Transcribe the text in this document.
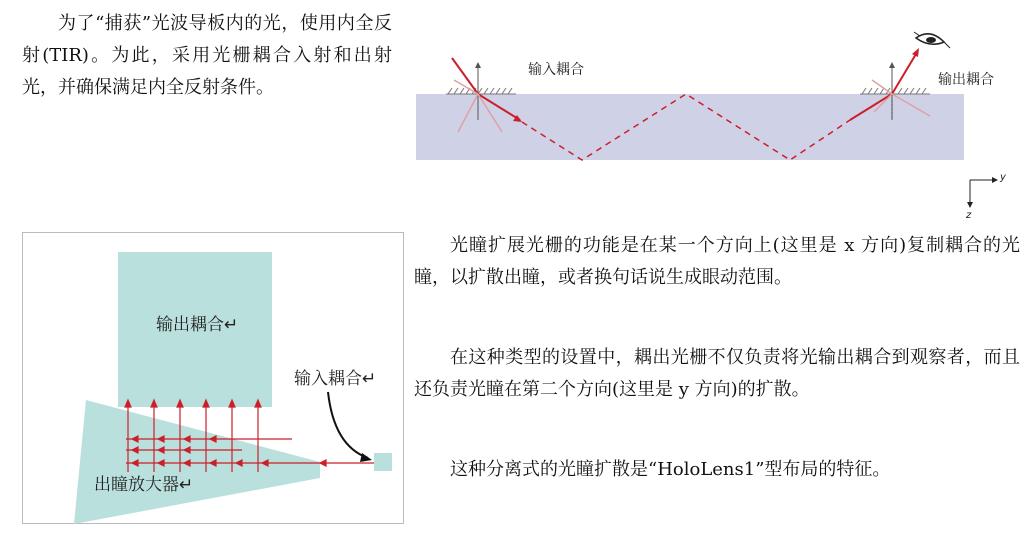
为了“捕获”光波导板内的光，使用内全反射(TIR)。为此，采用光栅耦合入射和出射光，并确保满足内全反射条件。

输入耦合
输出耦合
y
z
输出耦合↵
输入耦合↵
出瞳放大器↵

光瞳扩展光栅的功能是在某一个方向上(这里是 x 方向)复制耦合的光瞳，以扩散出瞳，或者换句话说生成眼动范围。

在这种类型的设置中，耦出光栅不仅负责将光输出耦合到观察者，而且还负责光瞳在第二个方向(这里是 y 方向)的扩散。

这种分离式的光瞳扩散是“HoloLens1”型布局的特征。
